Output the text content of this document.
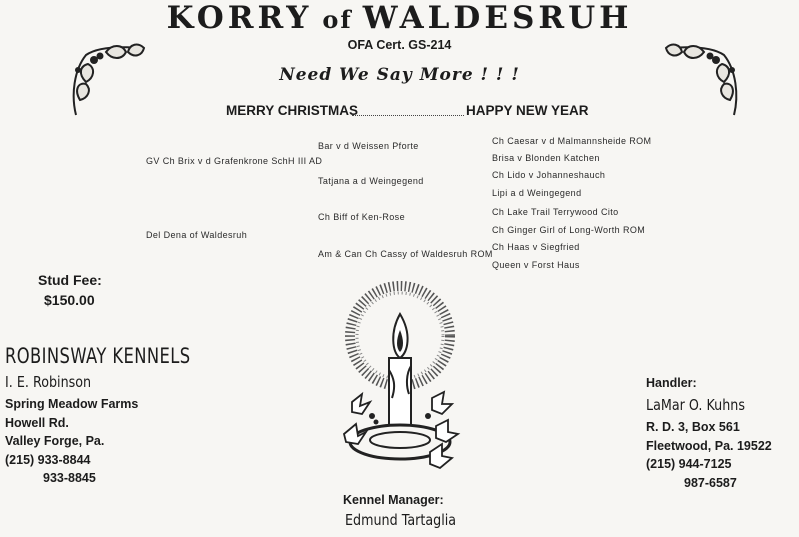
KORRY of WALDESRUH
OFA Cert. GS-214
Need We Say More ! ! !
MERRY CHRISTMAS	HAPPY NEW YEAR
GV Ch Brix v d Grafenkrone SchH III AD
Del Dena of Waldesruh
Bar v d Weissen Pforte
Tatjana a d Weingegend
Ch Biff of Ken-Rose
Am & Can Ch Cassy of Waldesruh ROM
Ch Caesar v d Malmannsheide ROM
Brisa v Blonden Katchen
Ch Lido v Johanneshauch
Lipi a d Weingegend
Ch Lake Trail Terrywood Cito
Ch Ginger Girl of Long-Worth ROM
Ch Haas v Siegfried
Queen v Forst Haus
Stud Fee:
$150.00
ROBINSWAY KENNELS
I. E. Robinson
Spring Meadow Farms
Howell Rd.
Valley Forge, Pa.
(215) 933-8844
933-8845
Kennel Manager:
Edmund Tartaglia
Handler:
LaMar O. Kuhns
R. D. 3, Box 561
Fleetwood, Pa. 19522
(215) 944-7125
987-6587
